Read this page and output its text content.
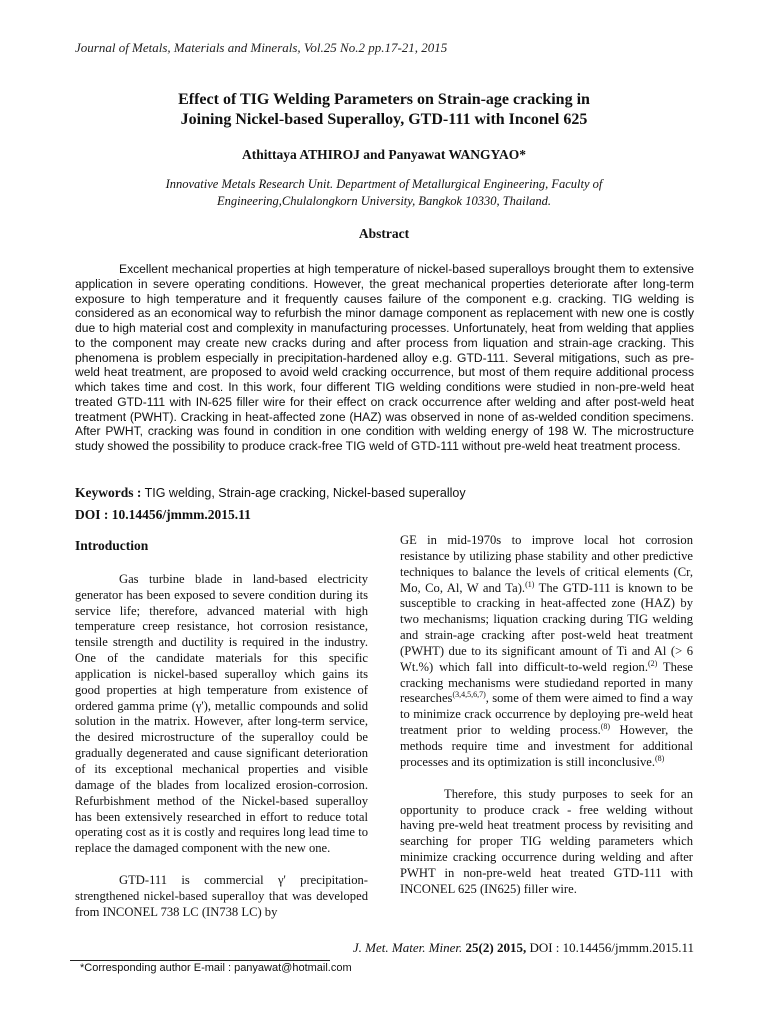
Journal of Metals, Materials and Minerals, Vol.25 No.2 pp.17-21, 2015
Effect of TIG Welding Parameters on Strain-age cracking in
Joining Nickel-based Superalloy, GTD-111 with Inconel 625
Athittaya ATHIROJ and Panyawat WANGYAO*
Innovative Metals Research Unit. Department of Metallurgical Engineering, Faculty of
Engineering,Chulalongkorn University, Bangkok 10330, Thailand.
Abstract

Excellent mechanical properties at high temperature of nickel-based superalloys brought them to extensive application in severe operating conditions. However, the great mechanical properties deteriorate after long-term exposure to high temperature and it frequently causes failure of the component e.g. cracking. TIG welding is considered as an economical way to refurbish the minor damage component as replacement with new one is costly due to high material cost and complexity in manufacturing processes. Unfortunately, heat from welding that applies to the component may create new cracks during and after process from liquation and strain-age cracking. This phenomena is problem especially in precipitation-hardened alloy e.g. GTD-111. Several mitigations, such as pre-weld heat treatment, are proposed to avoid weld cracking occurrence, but most of them require additional process which takes time and cost. In this work, four different TIG welding conditions were studied in non-pre-weld heat treated GTD-111 with IN-625 filler wire for their effect on crack occurrence after welding and after post-weld heat treatment (PWHT). Cracking in heat-affected zone (HAZ) was observed in none of as-welded condition specimens. After PWHT, cracking was found in condition in one condition with welding energy of 198 W. The microstructure study showed the possibility to produce crack-free TIG weld of GTD-111 without pre-weld heat treatment process.

Keywords : TIG welding, Strain-age cracking, Nickel-based superalloy
DOI : 10.14456/jmmm.2015.11

Introduction

Gas turbine blade in land-based electricity generator has been exposed to severe condition during its service life; therefore, advanced material with high temperature creep resistance, hot corrosion resistance, tensile strength and ductility is required in the industry. One of the candidate materials for this specific application is nickel-based superalloy which gains its good properties at high temperature from existence of ordered gamma prime (γ'), metallic compounds and solid solution in the matrix. However, after long-term service, the desired microstructure of the superalloy could be gradually degenerated and cause significant deterioration of its exceptional mechanical properties and visible damage of the blades from localized erosion-corrosion. Refurbishment method of the Nickel-based superalloy has been extensively researched in effort to reduce total operating cost as it is costly and requires long lead time to replace the damaged component with the new one.

GTD-111 is commercial γ' precipitation-strengthened nickel-based superalloy that was developed from INCONEL 738 LC (IN738 LC) by

GE in mid-1970s to improve local hot corrosion resistance by utilizing phase stability and other predictive techniques to balance the levels of critical elements (Cr, Mo, Co, Al, W and Ta).$^{(1)}$ The GTD-111 is known to be susceptible to cracking in heat-affected zone (HAZ) by two mechanisms; liquation cracking during TIG welding and strain-age cracking after post-weld heat treatment (PWHT) due to its significant amount of Ti and Al (> 6 Wt.%) which fall into difficult-to-weld region.$^{(2)}$ These cracking mechanisms were studiedand reported in many researches$^{(3,4,5,6,7)}$, some of them were aimed to find a way to minimize crack occurrence by deploying pre-weld heat treatment prior to welding process.$^{(8)}$ However, the methods require time and investment for additional processes and its optimization is still inconclusive.$^{(8)}$

Therefore, this study purposes to seek for an opportunity to produce crack - free welding without having pre-weld heat treatment process by revisiting and searching for proper TIG welding parameters which minimize cracking occurrence during welding and after PWHT in non-pre-weld heat treated GTD-111 with INCONEL 625 (IN625) filler wire.

J. Met. Mater. Miner. 25(2) 2015, DOI : 10.14456/jmmm.2015.11
*Corresponding author E-mail : panyawat@hotmail.com
